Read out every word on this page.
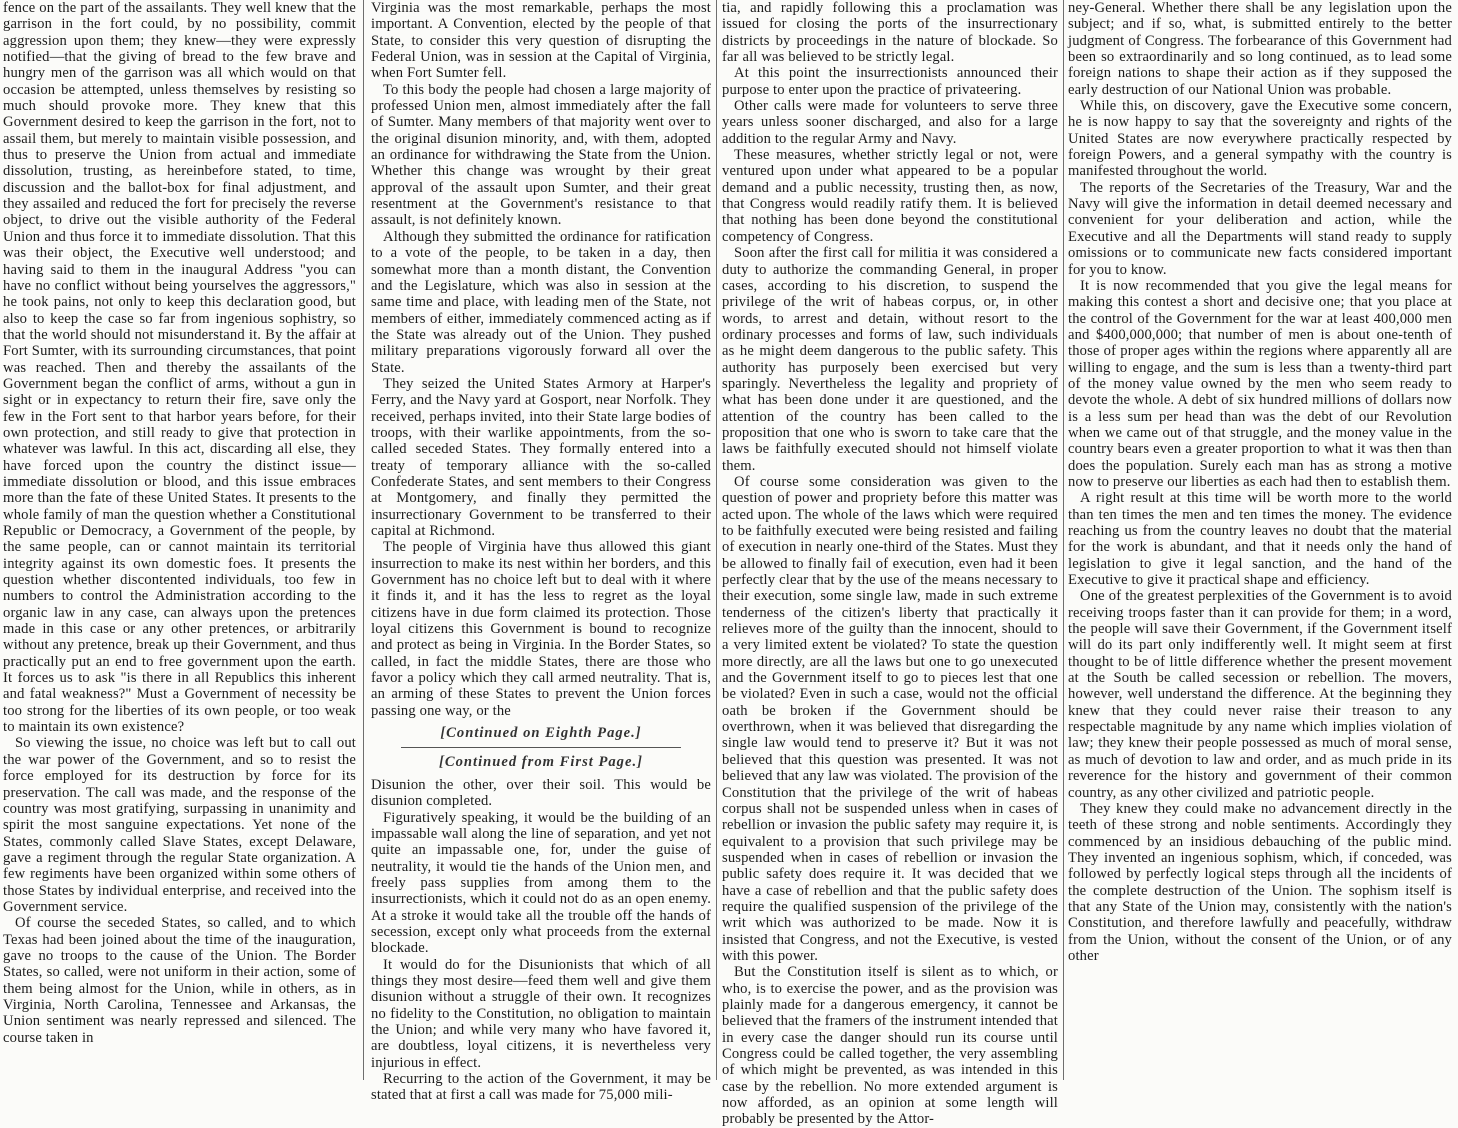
fence on the part of the assailants. They well knew that the garrison in the fort could, by no possibility, commit aggression upon them; they knew—they were expressly notified—that the giving of bread to the few brave and hungry men of the garrison was all which would on that occasion be attempted, unless themselves by resisting so much should provoke more. They knew that this Government desired to keep the garrison in the fort, not to assail them, but merely to maintain visible possession, and thus to preserve the Union from actual and immediate dissolution, trusting, as hereinbefore stated, to time, discussion and the ballot-box for final adjustment, and they assailed and reduced the fort for precisely the reverse object, to drive out the visible authority of the Federal Union and thus force it to immediate dissolution. That this was their object, the Executive well understood; and having said to them in the inaugural Address "you can have no conflict without being yourselves the aggressors," he took pains, not only to keep this declaration good, but also to keep the case so far from ingenious sophistry, so that the world should not misunderstand it. By the affair at Fort Sumter, with its surrounding circumstances, that point was reached. Then and thereby the assailants of the Government began the conflict of arms, without a gun in sight or in expectancy to return their fire, save only the few in the Fort sent to that harbor years before, for their own protection, and still ready to give that protection in whatever was lawful. In this act, discarding all else, they have forced upon the country the distinct issue—immediate dissolution or blood, and this issue embraces more than the fate of these United States. It presents to the whole family of man the question whether a Constitutional Republic or Democracy, a Government of the people, by the same people, can or cannot maintain its territorial integrity against its own domestic foes. It presents the question whether discontented individuals, too few in numbers to control the Administration according to the organic law in any case, can always upon the pretences made in this case or any other pretences, or arbitrarily without any pretence, break up their Government, and thus practically put an end to free government upon the earth. It forces us to ask "is there in all Republics this inherent and fatal weakness?" Must a Government of necessity be too strong for the liberties of its own people, or too weak to maintain its own existence?

So viewing the issue, no choice was left but to call out the war power of the Government, and so to resist the force employed for its destruction by force for its preservation. The call was made, and the response of the country was most gratifying, surpassing in unanimity and spirit the most sanguine expectations. Yet none of the States, commonly called Slave States, except Delaware, gave a regiment through the regular State organization. A few regiments have been organized within some others of those States by individual enterprise, and received into the Government service.

Of course the seceded States, so called, and to which Texas had been joined about the time of the inauguration, gave no troops to the cause of the Union. The Border States, so called, were not uniform in their action, some of them being almost for the Union, while in others, as in Virginia, North Carolina, Tennessee and Arkansas, the Union sentiment was nearly repressed and silenced. The course taken in

Virginia was the most remarkable, perhaps the most important. A Convention, elected by the people of that State, to consider this very question of disrupting the Federal Union, was in session at the Capital of Virginia, when Fort Sumter fell.

To this body the people had chosen a large majority of professed Union men, almost immediately after the fall of Sumter. Many members of that majority went over to the original disunion minority, and, with them, adopted an ordinance for withdrawing the State from the Union. Whether this change was wrought by their great approval of the assault upon Sumter, and their great resentment at the Government's resistance to that assault, is not definitely known.

Although they submitted the ordinance for ratification to a vote of the people, to be taken in a day, then somewhat more than a month distant, the Convention and the Legislature, which was also in session at the same time and place, with leading men of the State, not members of either, immediately commenced acting as if the State was already out of the Union. They pushed military preparations vigorously forward all over the State.

They seized the United States Armory at Harper's Ferry, and the Navy yard at Gosport, near Norfolk. They received, perhaps invited, into their State large bodies of troops, with their warlike appointments, from the so-called seceded States. They formally entered into a treaty of temporary alliance with the so-called Confederate States, and sent members to their Congress at Montgomery, and finally they permitted the insurrectionary Government to be transferred to their capital at Richmond.

The people of Virginia have thus allowed this giant insurrection to make its nest within her borders, and this Government has no choice left but to deal with it where it finds it, and it has the less to regret as the loyal citizens have in due form claimed its protection. Those loyal citizens this Government is bound to recognize and protect as being in Virginia. In the Border States, so called, in fact the middle States, there are those who favor a policy which they call armed neutrality. That is, an arming of these States to prevent the Union forces passing one way, or the

[Continued on Eighth Page.]

[Continued from First Page.]

Disunion the other, over their soil. This would be disunion completed.

Figuratively speaking, it would be the building of an impassable wall along the line of separation, and yet not quite an impassable one, for, under the guise of neutrality, it would tie the hands of the Union men, and freely pass supplies from among them to the insurrectionists, which it could not do as an open enemy. At a stroke it would take all the trouble off the hands of secession, except only what proceeds from the external blockade.

It would do for the Disunionists that which of all things they most desire—feed them well and give them disunion without a struggle of their own. It recognizes no fidelity to the Constitution, no obligation to maintain the Union; and while very many who have favored it, are doubtless, loyal citizens, it is nevertheless very injurious in effect.

Recurring to the action of the Government, it may be stated that at first a call was made for 75,000 mili-

tia, and rapidly following this a proclamation was issued for closing the ports of the insurrectionary districts by proceedings in the nature of blockade. So far all was believed to be strictly legal.

At this point the insurrectionists announced their purpose to enter upon the practice of privateering.

Other calls were made for volunteers to serve three years unless sooner discharged, and also for a large addition to the regular Army and Navy.

These measures, whether strictly legal or not, were ventured upon under what appeared to be a popular demand and a public necessity, trusting then, as now, that Congress would readily ratify them. It is believed that nothing has been done beyond the constitutional competency of Congress.

Soon after the first call for militia it was considered a duty to authorize the commanding General, in proper cases, according to his discretion, to suspend the privilege of the writ of habeas corpus, or, in other words, to arrest and detain, without resort to the ordinary processes and forms of law, such individuals as he might deem dangerous to the public safety. This authority has purposely been exercised but very sparingly. Nevertheless the legality and propriety of what has been done under it are questioned, and the attention of the country has been called to the proposition that one who is sworn to take care that the laws be faithfully executed should not himself violate them.

Of course some consideration was given to the question of power and propriety before this matter was acted upon. The whole of the laws which were required to be faithfully executed were being resisted and failing of execution in nearly one-third of the States. Must they be allowed to finally fail of execution, even had it been perfectly clear that by the use of the means necessary to their execution, some single law, made in such extreme tenderness of the citizen's liberty that practically it relieves more of the guilty than the innocent, should to a very limited extent be violated? To state the question more directly, are all the laws but one to go unexecuted and the Government itself to go to pieces lest that one be violated? Even in such a case, would not the official oath be broken if the Government should be overthrown, when it was believed that disregarding the single law would tend to preserve it? But it was not believed that this question was presented. It was not believed that any law was violated. The provision of the Constitution that the privilege of the writ of habeas corpus shall not be suspended unless when in cases of rebellion or invasion the public safety may require it, is equivalent to a provision that such privilege may be suspended when in cases of rebellion or invasion the public safety does require it. It was decided that we have a case of rebellion and that the public safety does require the qualified suspension of the privilege of the writ which was authorized to be made. Now it is insisted that Congress, and not the Executive, is vested with this power.

But the Constitution itself is silent as to which, or who, is to exercise the power, and as the provision was plainly made for a dangerous emergency, it cannot be believed that the framers of the instrument intended that in every case the danger should run its course until Congress could be called together, the very assembling of which might be prevented, as was intended in this case by the rebellion. No more extended argument is now afforded, as an opinion at some length will probably be presented by the Attor-

ney-General. Whether there shall be any legislation upon the subject; and if so, what, is submitted entirely to the better judgment of Congress. The forbearance of this Government had been so extraordinarily and so long continued, as to lead some foreign nations to shape their action as if they supposed the early destruction of our National Union was probable.

While this, on discovery, gave the Executive some concern, he is now happy to say that the sovereignty and rights of the United States are now everywhere practically respected by foreign Powers, and a general sympathy with the country is manifested throughout the world.

The reports of the Secretaries of the Treasury, War and the Navy will give the information in detail deemed necessary and convenient for your deliberation and action, while the Executive and all the Departments will stand ready to supply omissions or to communicate new facts considered important for you to know.

It is now recommended that you give the legal means for making this contest a short and decisive one; that you place at the control of the Government for the war at least 400,000 men and $400,000,000; that number of men is about one-tenth of those of proper ages within the regions where apparently all are willing to engage, and the sum is less than a twenty-third part of the money value owned by the men who seem ready to devote the whole. A debt of six hundred millions of dollars now is a less sum per head than was the debt of our Revolution when we came out of that struggle, and the money value in the country bears even a greater proportion to what it was then than does the population. Surely each man has as strong a motive now to preserve our liberties as each had then to establish them.

A right result at this time will be worth more to the world than ten times the men and ten times the money. The evidence reaching us from the country leaves no doubt that the material for the work is abundant, and that it needs only the hand of legislation to give it legal sanction, and the hand of the Executive to give it practical shape and efficiency.

One of the greatest perplexities of the Government is to avoid receiving troops faster than it can provide for them; in a word, the people will save their Government, if the Government itself will do its part only indifferently well. It might seem at first thought to be of little difference whether the present movement at the South be called secession or rebellion. The movers, however, well understand the difference. At the beginning they knew that they could never raise their treason to any respectable magnitude by any name which implies violation of law; they knew their people possessed as much of moral sense, as much of devotion to law and order, and as much pride in its reverence for the history and government of their common country, as any other civilized and patriotic people.

They knew they could make no advancement directly in the teeth of these strong and noble sentiments. Accordingly they commenced by an insidious debauching of the public mind. They invented an ingenious sophism, which, if conceded, was followed by perfectly logical steps through all the incidents of the complete destruction of the Union. The sophism itself is that any State of the Union may, consistently with the nation's Constitution, and therefore lawfully and peacefully, withdraw from the Union, without the consent of the Union, or of any other
